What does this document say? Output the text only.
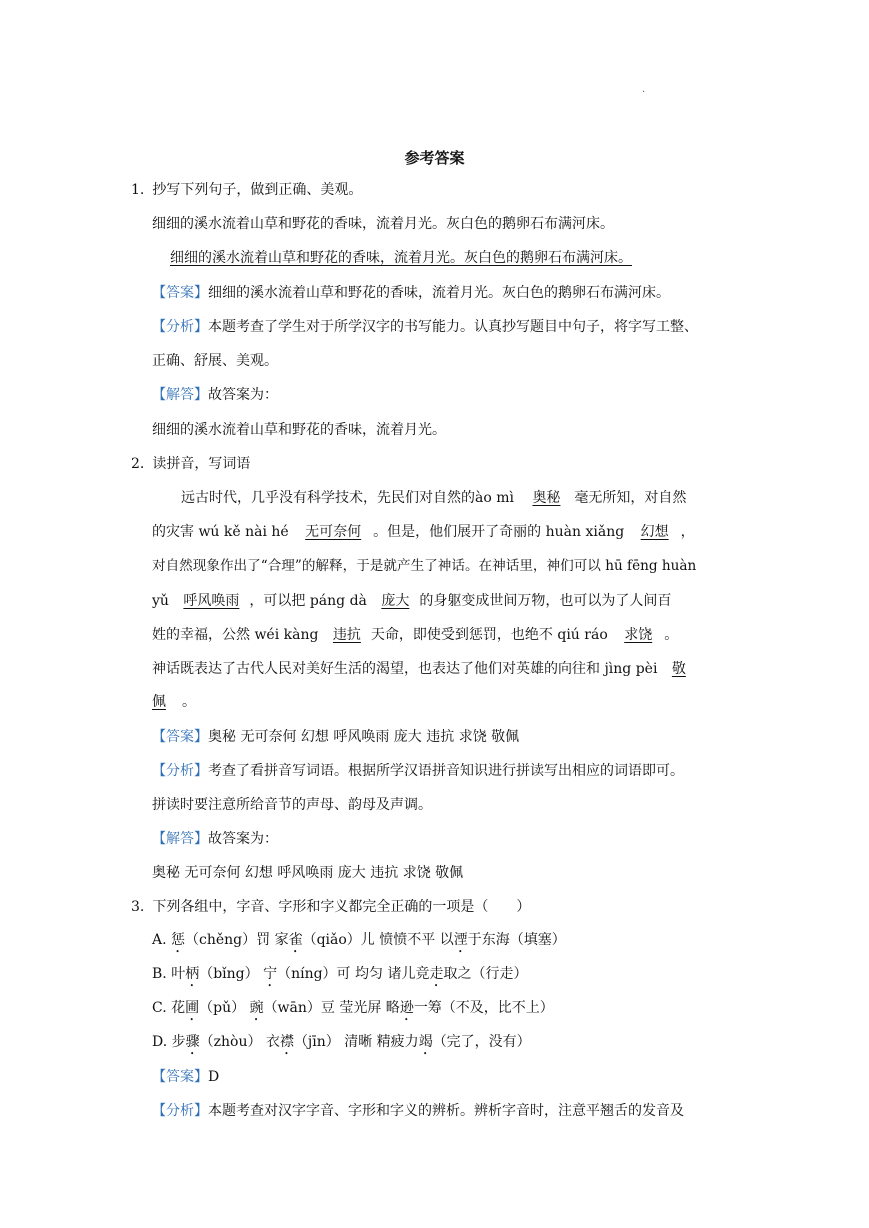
.
参考答案
1. 抄写下列句子，做到正确、美观。
细细的溪水流着山草和野花的香味，流着月光。灰白色的鹅卵石布满河床。
细细的溪水流着山草和野花的香味，流着月光。灰白色的鹅卵石布满河床。
【答案】细细的溪水流着山草和野花的香味，流着月光。灰白色的鹅卵石布满河床。
【分析】本题考查了学生对于所学汉字的书写能力。认真抄写题目中句子，将字写工整、
正确、舒展、美观。
【解答】故答案为：
细细的溪水流着山草和野花的香味，流着月光。
2. 读拼音，写词语
远古时代，几乎没有科学技术，先民们对自然的ào mì 奥秘 毫无所知，对自然
的灾害 wú kě nài hé 无可奈何 。但是，他们展开了奇丽的 huàn xiǎng 幻想 ，
对自然现象作出了“合理”的解释，于是就产生了神话。在神话里，神们可以 hū fēng huàn
yǔ 呼风唤雨 ，可以把 páng dà 庞大 的身躯变成世间万物，也可以为了人间百
姓的幸福，公然 wéi kàng 违抗 天命，即使受到惩罚，也绝不 qiú ráo 求饶 。
神话既表达了古代人民对美好生活的渴望，也表达了他们对英雄的向往和 jìng pèi 敬
佩 。
【答案】奥秘 无可奈何 幻想 呼风唤雨 庞大 违抗 求饶 敬佩
【分析】考查了看拼音写词语。根据所学汉语拼音知识进行拼读写出相应的词语即可。
拼读时要注意所给音节的声母、韵母及声调。
【解答】故答案为：
奥秘 无可奈何 幻想 呼风唤雨 庞大 违抗 求饶 敬佩
3. 下列各组中，字音、字形和字义都完全正确的一项是（　　）
A. 惩（chěng）罚 家雀（qiǎo）儿 愤愤不平 以湮于东海（填塞）
B. 叶柄（bǐng） 宁（níng）可 均匀 诸儿竞走取之（行走）
C. 花圃（pǔ） 豌（wān）豆 莹光屏 略逊一筹（不及，比不上）
D. 步骤（zhòu） 衣襟（jīn） 清晰 精疲力竭（完了，没有）
【答案】D
【分析】本题考查对汉字字音、字形和字义的辨析。辨析字音时，注意平翘舌的发音及
